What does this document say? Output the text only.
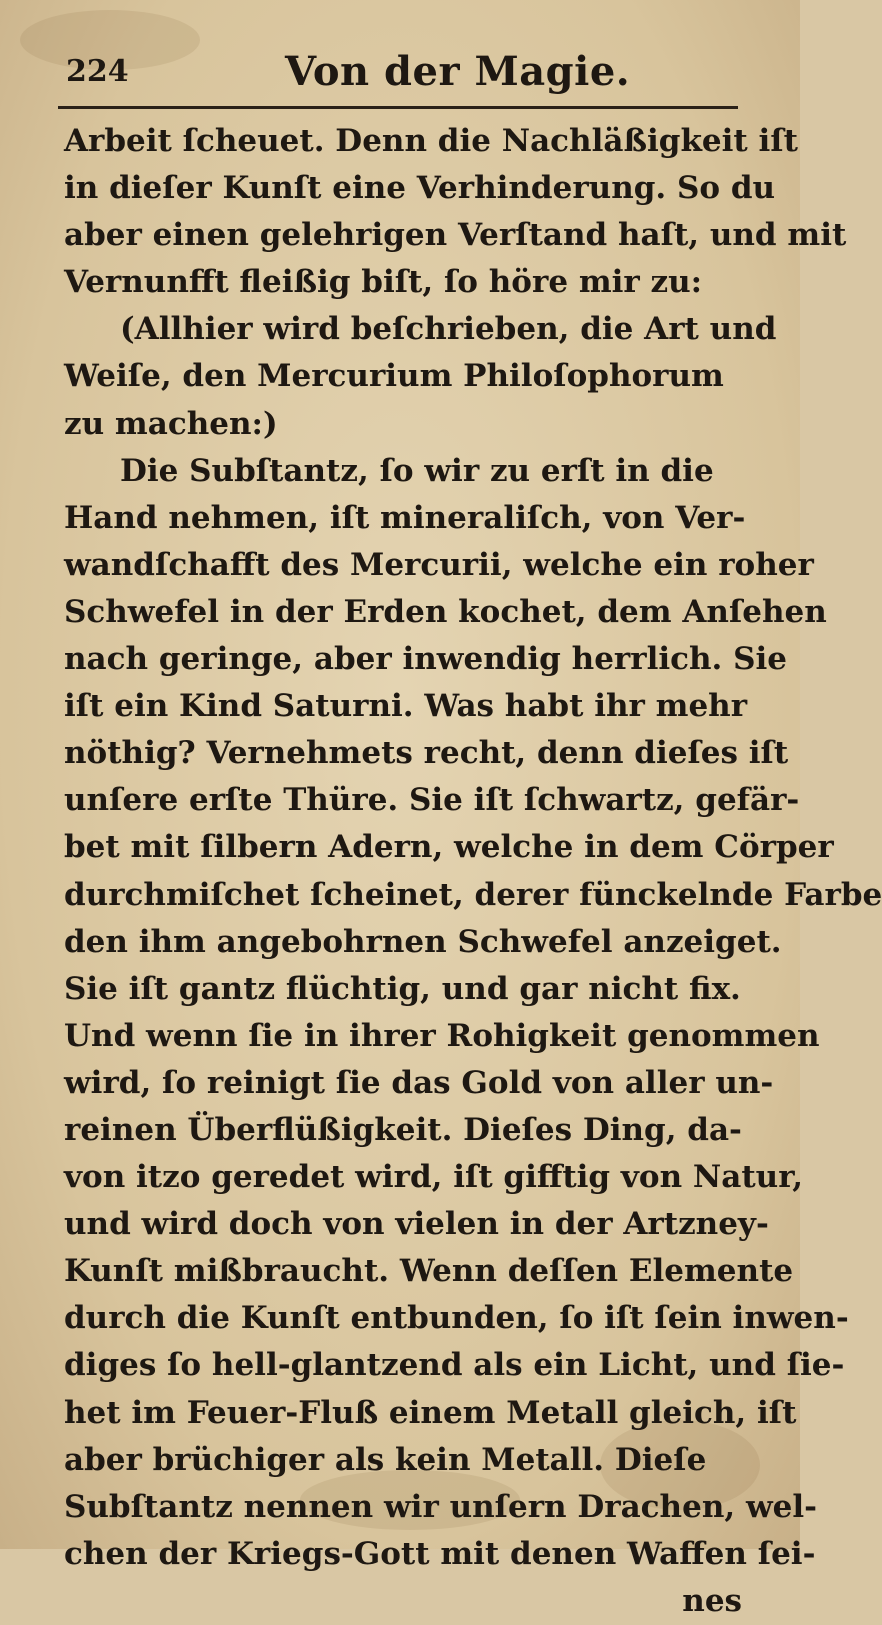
224	Von der Magie.
Arbeit ſcheuet. Denn die Nachläßigkeit iſt
in dieſer Kunſt eine Verhinderung. So du
aber einen gelehrigen Verſtand haſt, und mit
Vernunfft fleißig biſt, ſo höre mir zu:
(Allhier wird beſchrieben, die Art und
Weiſe, den Mercurium Philoſophorum
zu machen:)
Die Subſtantz, ſo wir zu erſt in die
Hand nehmen, iſt mineraliſch, von Ver-
wandſchafft des Mercurii, welche ein roher
Schwefel in der Erden kochet, dem Anſehen
nach geringe, aber inwendig herrlich. Sie
iſt ein Kind Saturni. Was habt ihr mehr
nöthig? Vernehmets recht, denn dieſes iſt
unſere erſte Thüre. Sie iſt ſchwartz, gefär-
bet mit ſilbern Adern, welche in dem Cörper
durchmiſchet ſcheinet, derer fünckelnde Farbe
den ihm angebohrnen Schwefel anzeiget.
Sie iſt gantz flüchtig, und gar nicht fix.
Und wenn ſie in ihrer Rohigkeit genommen
wird, ſo reinigt ſie das Gold von aller un-
reinen Überflüßigkeit. Dieſes Ding, da-
von itzo geredet wird, iſt gifftig von Natur,
und wird doch von vielen in der Artzney-
Kunſt mißbraucht. Wenn deſſen Elemente
durch die Kunſt entbunden, ſo iſt ſein inwen-
diges ſo hell-glantzend als ein Licht, und ſie-
het im Feuer-Fluß einem Metall gleich, iſt
aber brüchiger als kein Metall. Dieſe
Subſtantz nennen wir unſern Drachen, wel-
chen der Kriegs-Gott mit denen Waffen ſei-
nes
